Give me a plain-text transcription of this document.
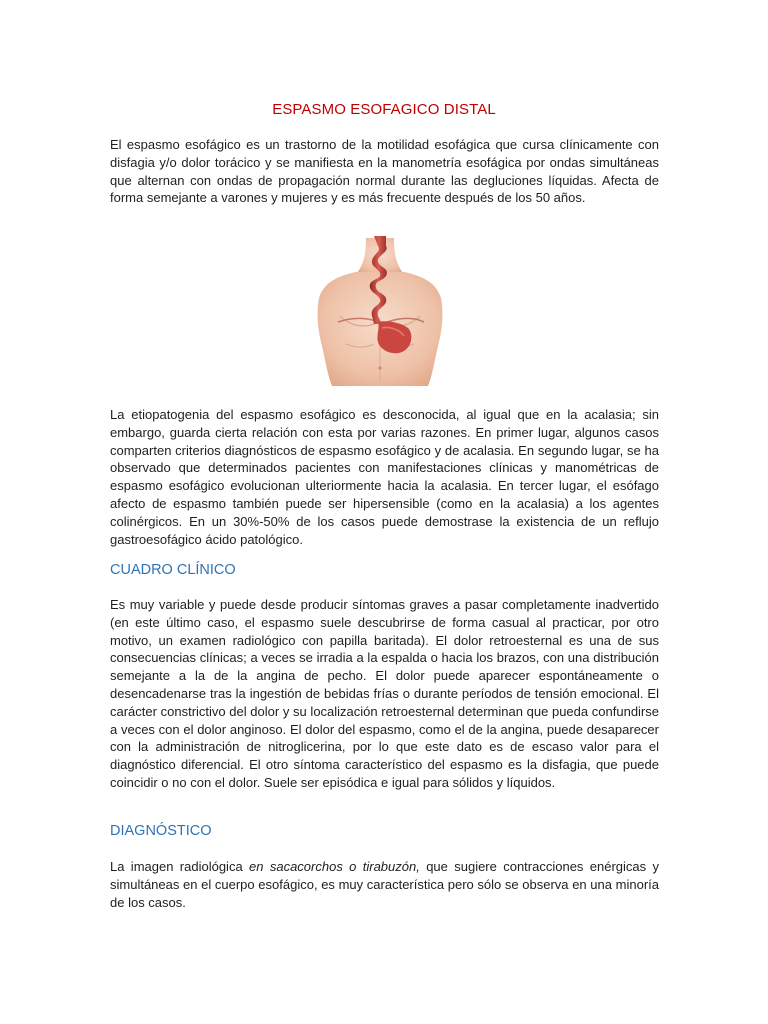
ESPASMO ESOFAGICO DISTAL

El espasmo esofágico es un trastorno de la motilidad esofágica que cursa clínicamente con disfagia y/o dolor torácico y se manifiesta en la manometría esofágica por ondas simultáneas que alternan con ondas de propagación normal durante las degluciones líquidas. Afecta de forma semejante a varones y mujeres y es más frecuente después de los 50 años.

La etiopatogenia del espasmo esofágico es desconocida, al igual que en la acalasia; sin embargo, guarda cierta relación con esta por varias razones. En primer lugar, algunos casos comparten criterios diagnósticos de espasmo esofágico y de acalasia. En segundo lugar, se ha observado que determinados pacientes con manifestaciones clínicas y manométricas de espasmo esofágico evolucionan ulteriormente hacia la acalasia. En tercer lugar, el esófago afecto de espasmo también puede ser hipersensible (como en la acalasia) a los agentes colinérgicos. En un 30%-50% de los casos puede demostrase la existencia de un reflujo gastroesofágico ácido patológico.

CUADRO CLÍNICO

Es muy variable y puede desde producir síntomas graves a pasar completamente inadvertido (en este último caso, el espasmo suele descubrirse de forma casual al practicar, por otro motivo, un examen radiológico con papilla baritada). El dolor retroesternal es una de sus consecuencias clínicas; a veces se irradia a la espalda o hacia los brazos, con una distribución semejante a la de la angina de pecho. El dolor puede aparecer espontáneamente o desencadenarse tras la ingestión de bebidas frías o durante períodos de tensión emocional. El carácter constrictivo del dolor y su localización retroesternal determinan que pueda confundirse a veces con el dolor anginoso. El dolor del espasmo, como el de la angina, puede desaparecer con la administración de nitroglicerina, por lo que este dato es de escaso valor para el diagnóstico diferencial. El otro síntoma característico del espasmo es la disfagia, que puede coincidir o no con el dolor. Suele ser episódica e igual para sólidos y líquidos.

DIAGNÓSTICO

La imagen radiológica en sacacorchos o tirabuzón, que sugiere contracciones enérgicas y simultáneas en el cuerpo esofágico, es muy característica pero sólo se observa en una minoría de los casos.
